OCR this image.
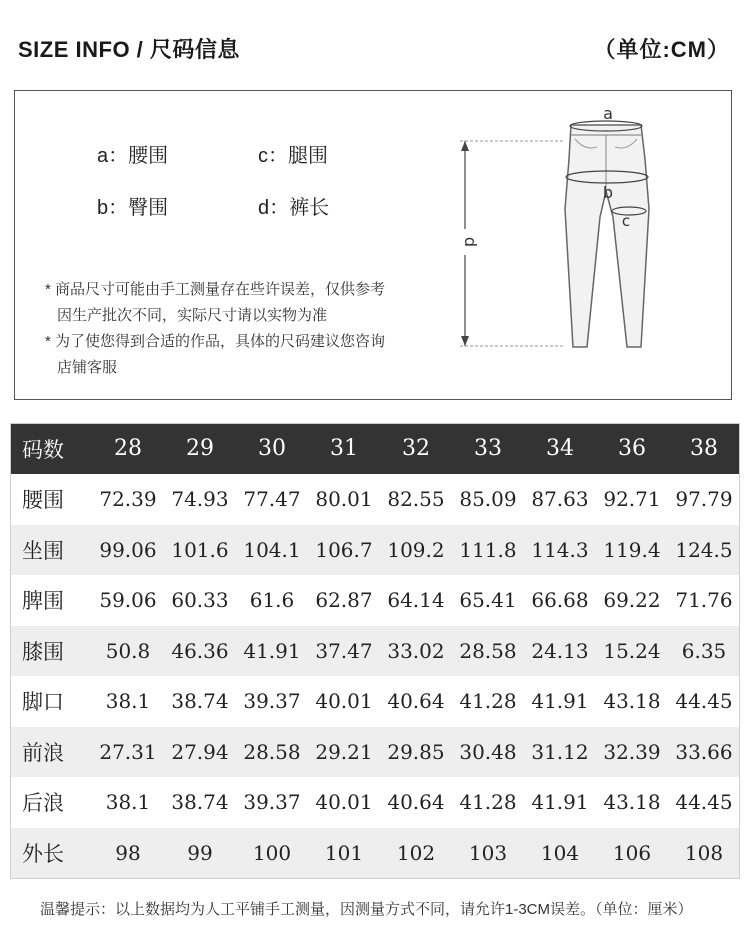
SIZE INFO / 尺码信息	（单位:CM）
a：腰围	c：腿围
b：臀围	d：裤长
* 商品尺寸可能由手工测量存在些许误差，仅供参考
因生产批次不同，实际尺寸请以实物为准
* 为了使您得到合适的作品，具体的尺码建议您咨询
店铺客服
d
a
b
c
码数	28	29	30	31	32	33	34	36	38
腰围	72.39	74.93	77.47	80.01	82.55	85.09	87.63	92.71	97.79
坐围	99.06	101.6	104.1	106.7	109.2	111.8	114.3	119.4	124.5
脾围	59.06	60.33	61.6	62.87	64.14	65.41	66.68	69.22	71.76
膝围	50.8	46.36	41.91	37.47	33.02	28.58	24.13	15.24	6.35
脚口	38.1	38.74	39.37	40.01	40.64	41.28	41.91	43.18	44.45
前浪	27.31	27.94	28.58	29.21	29.85	30.48	31.12	32.39	33.66
后浪	38.1	38.74	39.37	40.01	40.64	41.28	41.91	43.18	44.45
外长	98	99	100	101	102	103	104	106	108
温馨提示：以上数据均为人工平铺手工测量，因测量方式不同，请允许1-3CM误差。（单位：厘米）
